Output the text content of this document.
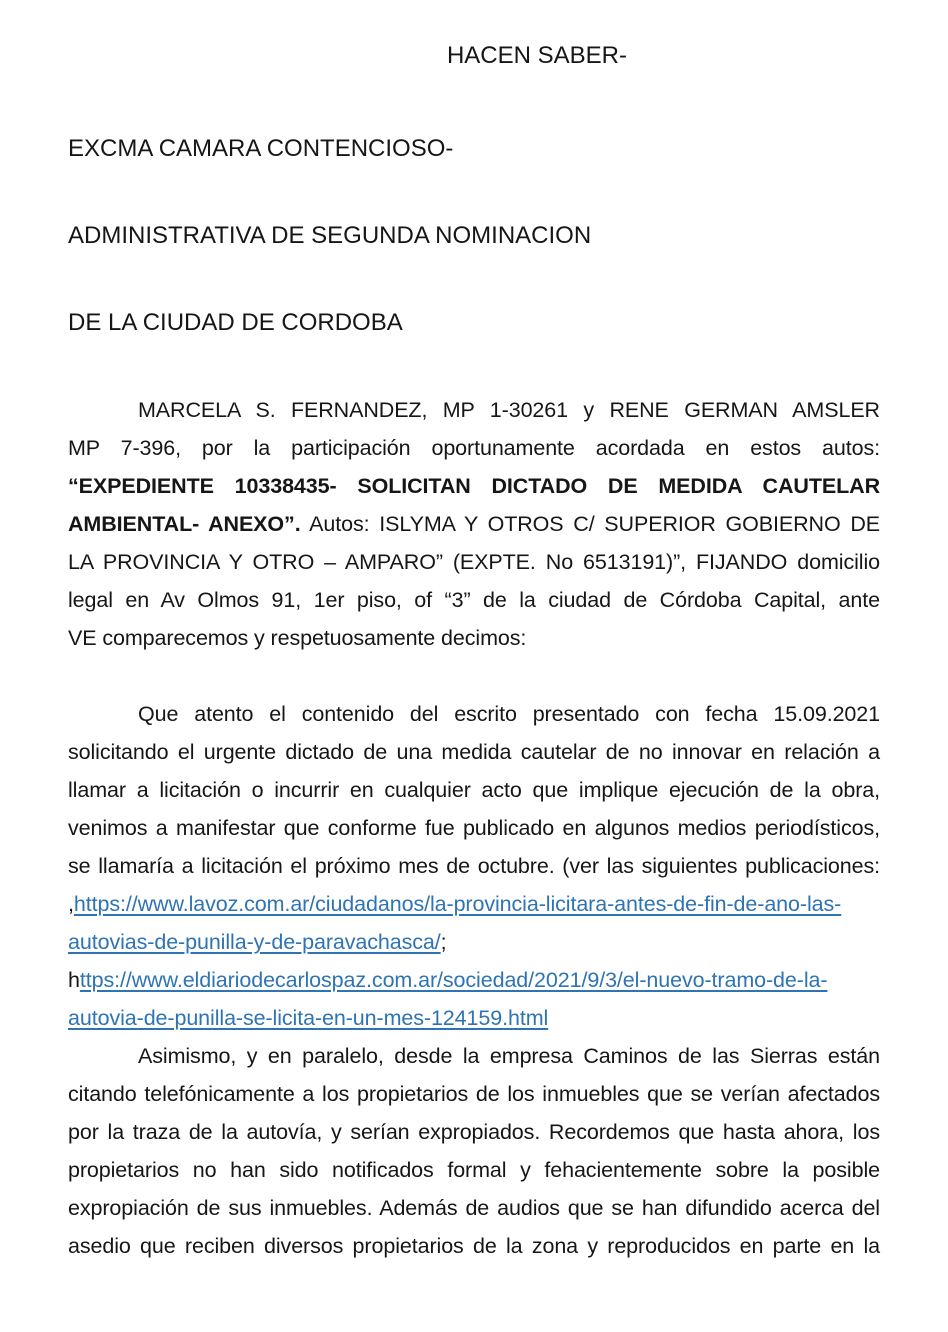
HACEN SABER-
EXCMA CAMARA CONTENCIOSO-
ADMINISTRATIVA DE SEGUNDA NOMINACION
DE LA CIUDAD DE CORDOBA
MARCELA S. FERNANDEZ, MP 1-30261 y RENE GERMAN AMSLER
MP 7-396, por la participación oportunamente acordada en estos autos:
“EXPEDIENTE 10338435- SOLICITAN DICTADO DE MEDIDA CAUTELAR
AMBIENTAL- ANEXO”. Autos: ISLYMA Y OTROS C/ SUPERIOR GOBIERNO DE
LA PROVINCIA Y OTRO – AMPARO” (EXPTE. No 6513191)”, FIJANDO domicilio
legal en Av Olmos 91, 1er piso, of “3” de la ciudad de Córdoba Capital, ante
VE comparecemos y respetuosamente decimos:
Que atento el contenido del escrito presentado con fecha 15.09.2021
solicitando el urgente dictado de una medida cautelar de no innovar en relación a
llamar a licitación o incurrir en cualquier acto que implique ejecución de la obra,
venimos a manifestar que conforme fue publicado en algunos medios periodísticos,
se llamaría a licitación el próximo mes de octubre. (ver las siguientes publicaciones:
,https://www.lavoz.com.ar/ciudadanos/la-provincia-licitara-antes-de-fin-de-ano-las-
autovias-de-punilla-y-de-paravachasca/;
https://www.eldiariodecarlospaz.com.ar/sociedad/2021/9/3/el-nuevo-tramo-de-la-
autovia-de-punilla-se-licita-en-un-mes-124159.html
Asimismo, y en paralelo, desde la empresa Caminos de las Sierras están
citando telefónicamente a los propietarios de los inmuebles que se verían afectados
por la traza de la autovía, y serían expropiados. Recordemos que hasta ahora, los
propietarios no han sido notificados formal y fehacientemente sobre la posible
expropiación de sus inmuebles. Además de audios que se han difundido acerca del
asedio que reciben diversos propietarios de la zona y reproducidos en parte en la
